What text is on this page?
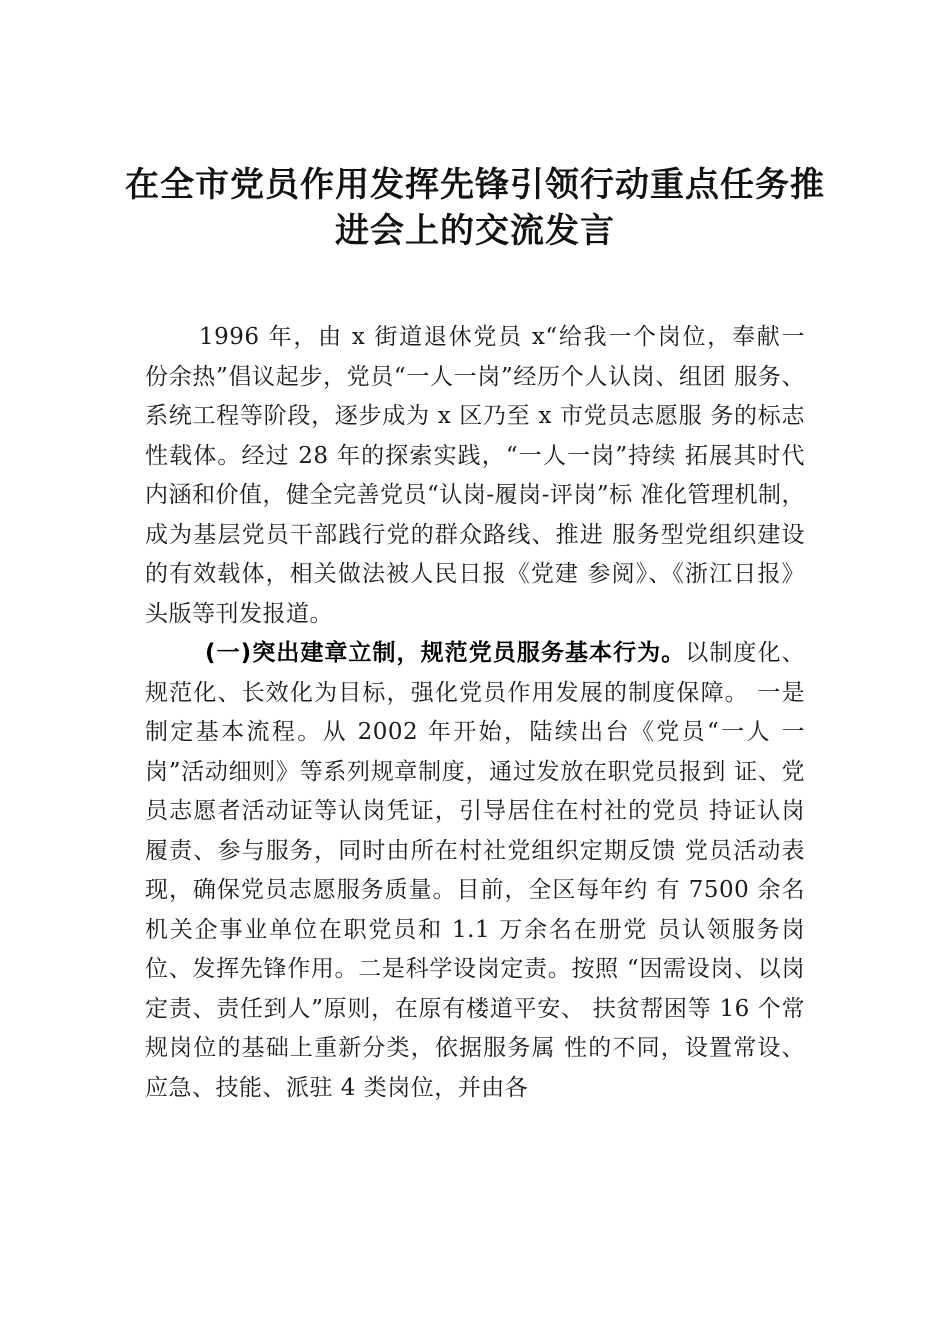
在全市党员作用发挥先锋引领行动重点任务推进会上的交流发言

1996 年，由 x 街道退休党员 x“给我一个岗位，奉献一 份余热”倡议起步，党员“一人一岗”经历个人认岗、组团 服务、系统工程等阶段，逐步成为 x 区乃至 x 市党员志愿服 务的标志性载体。经过 28 年的探索实践，“一人一岗”持续 拓展其时代内涵和价值，健全完善党员“认岗-履岗-评岗”标 准化管理机制，成为基层党员干部践行党的群众路线、推进 服务型党组织建设的有效载体，相关做法被人民日报《党建 参阅》、《浙江日报》头版等刊发报道。

(一)突出建章立制，规范党员服务基本行为。以制度化、规范化、长效化为目标，强化党员作用发展的制度保障。 一是制定基本流程。从 2002 年开始，陆续出台《党员“一人 一岗”活动细则》等系列规章制度，通过发放在职党员报到 证、党员志愿者活动证等认岗凭证，引导居住在村社的党员 持证认岗履责、参与服务，同时由所在村社党组织定期反馈 党员活动表现，确保党员志愿服务质量。目前，全区每年约 有 7500 余名机关企事业单位在职党员和 1.1 万余名在册党 员认领服务岗位、发挥先锋作用。二是科学设岗定责。按照 “因需设岗、以岗定责、责任到人”原则，在原有楼道平安、 扶贫帮困等 16 个常规岗位的基础上重新分类，依据服务属 性的不同，设置常设、应急、技能、派驻 4 类岗位，并由各
